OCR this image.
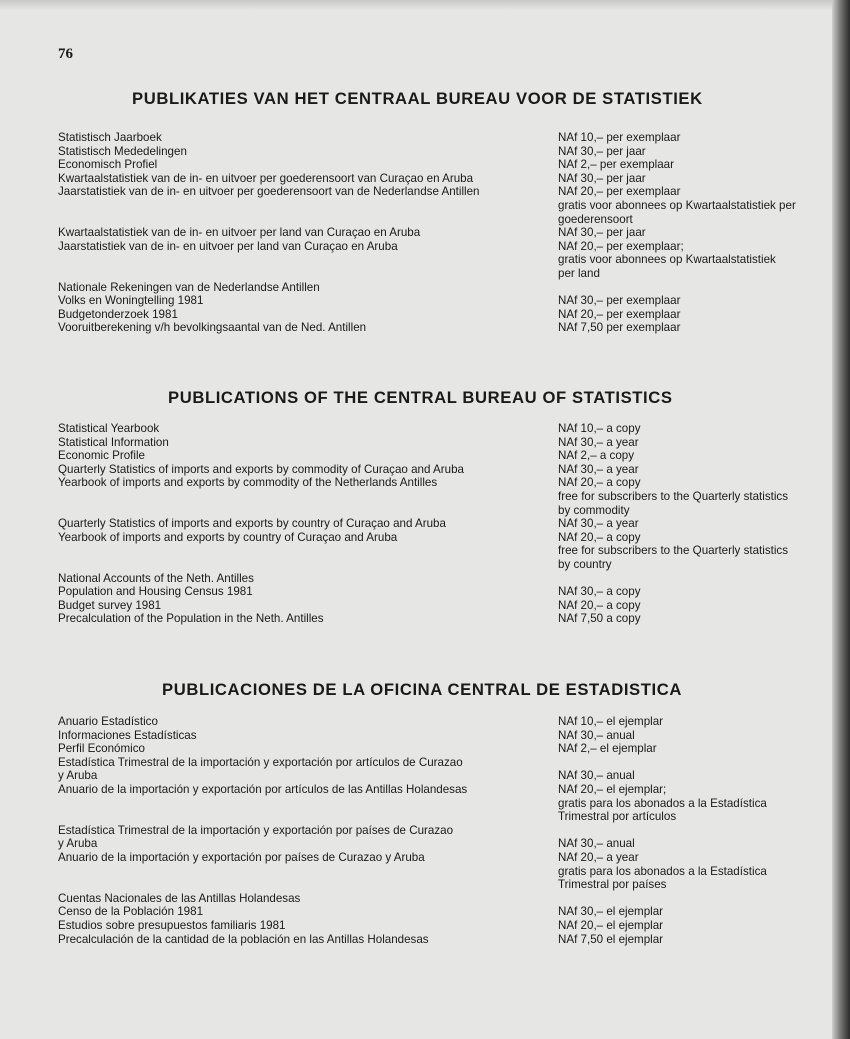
76
PUBLIKATIES VAN HET CENTRAAL BUREAU VOOR DE STATISTIEK
Statistisch Jaarboek	NAf 10,– per exemplaar
Statistisch Mededelingen	NAf 30,– per jaar
Economisch Profiel	NAf 2,– per exemplaar
Kwartaalstatistiek van de in- en uitvoer per goederensoort van Curaçao en Aruba	NAf 30,– per jaar
Jaarstatistiek van de in- en uitvoer per goederensoort van de Nederlandse Antillen	NAf 20,– per exemplaar
gratis voor abonnees op Kwartaalstatistiek per
goederensoort
Kwartaalstatistiek van de in- en uitvoer per land van Curaçao en Aruba	NAf 30,– per jaar
Jaarstatistiek van de in- en uitvoer per land van Curaçao en Aruba	NAf 20,– per exemplaar;
gratis voor abonnees op Kwartaalstatistiek
per land
Nationale Rekeningen van de Nederlandse Antillen
Volks en Woningtelling 1981	NAf 30,– per exemplaar
Budgetonderzoek 1981	NAf 20,– per exemplaar
Vooruitberekening v/h bevolkingsaantal van de Ned. Antillen	NAf 7,50 per exemplaar
PUBLICATIONS OF THE CENTRAL BUREAU OF STATISTICS
Statistical Yearbook	NAf 10,– a copy
Statistical Information	NAf 30,– a year
Economic Profile	NAf 2,– a copy
Quarterly Statistics of imports and exports by commodity of Curaçao and Aruba	NAf 30,– a year
Yearbook of imports and exports by commodity of the Netherlands Antilles	NAf 20,– a copy
free for subscribers to the Quarterly statistics
by commodity
Quarterly Statistics of imports and exports by country of Curaçao and Aruba	NAf 30,– a year
Yearbook of imports and exports by country of Curaçao and Aruba	NAf 20,– a copy
free for subscribers to the Quarterly statistics
by country
National Accounts of the Neth. Antilles
Population and Housing Census 1981	NAf 30,– a copy
Budget survey 1981	NAf 20,– a copy
Precalculation of the Population in the Neth. Antilles	NAf 7,50 a copy
PUBLICACIONES DE LA OFICINA CENTRAL DE ESTADISTICA
Anuario Estadístico	NAf 10,– el ejemplar
Informaciones Estadísticas	NAf 30,– anual
Perfil Económico	NAf 2,– el ejemplar
Estadística Trimestral de la importación y exportación por artículos de Curazao
y Aruba	NAf 30,– anual
Anuario de la importación y exportación por artículos de las Antillas Holandesas	NAf 20,– el ejemplar;
gratis para los abonados a la Estadística
Trimestral por artículos
Estadística Trimestral de la importación y exportación por países de Curazao
y Aruba	NAf 30,– anual
Anuario de la importación y exportación por países de Curazao y Aruba	NAf 20,– a year
gratis para los abonados a la Estadística
Trimestral por países
Cuentas Nacionales de las Antillas Holandesas
Censo de la Población 1981	NAf 30,– el ejemplar
Estudios sobre presupuestos familiaris 1981	NAf 20,– el ejemplar
Precalculación de la cantidad de la población en las Antillas Holandesas	NAf 7,50 el ejemplar
